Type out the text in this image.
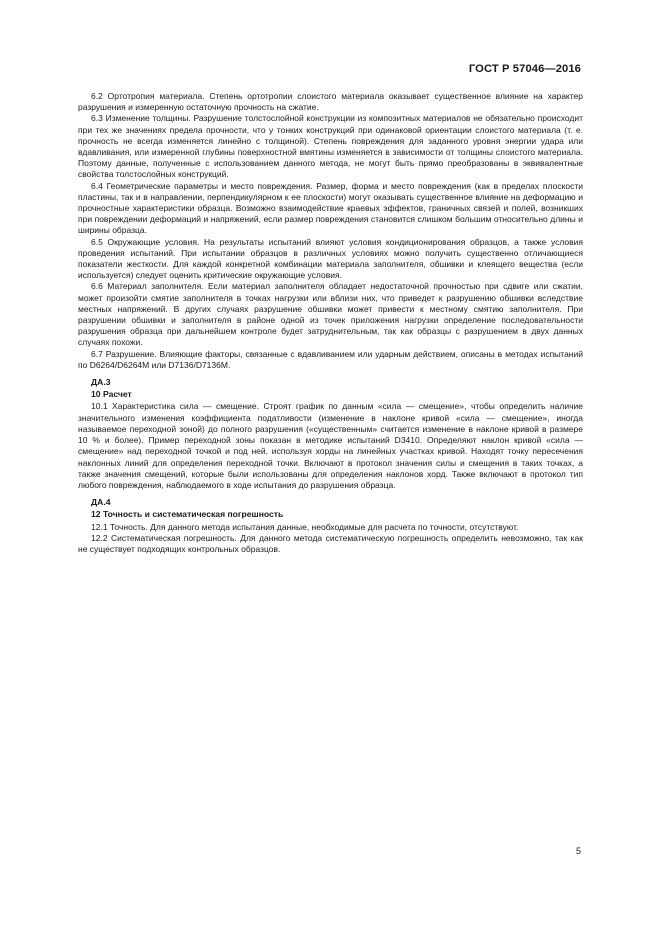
ГОСТ Р 57046—2016

6.2 Ортотропия материала. Степень ортотропии слоистого материала оказывает существенное влияние на характер разрушения и измеренную остаточную прочность на сжатие.

6.3 Изменение толщины. Разрушение толстослойной конструкции из композитных материалов не обязательно происходит при тех же значениях предела прочности, что у тонких конструкций при одинаковой ориентации слоистого материала (т. е. прочность не всегда изменяется линейно с толщиной). Степень повреждения для заданного уровня энергии удара или вдавливания, или измеренной глубины поверхностной вмятины изменяется в зависимости от толщины слоистого материала. Поэтому данные, полученные с использованием данного метода, не могут быть прямо преобразованы в эквивалентные свойства толстослойных конструкций.

6.4 Геометрические параметры и место повреждения. Размер, форма и место повреждения (как в пределах плоскости пластины, так и в направлении, перпендикулярном к ее плоскости) могут оказывать существенное влияние на деформацию и прочностные характеристики образца. Возможно взаимодействие краевых эффектов, граничных связей и полей, возникших при повреждении деформаций и напряжений, если размер повреждения становится слишком большим относительно длины и ширины образца.

6.5 Окружающие условия. На результаты испытаний влияют условия кондиционирования образцов, а также условия проведения испытаний. При испытании образцов в различных условиях можно получить существенно отличающиеся показатели жесткости. Для каждой конкретной комбинации материала заполнителя, обшивки и клеящего вещества (если используется) следует оценить критические окружающие условия.

6.6 Материал заполнителя. Если материал заполнителя обладает недостаточной прочностью при сдвиге или сжатии, может произойти смятие заполнителя в точках нагрузки или вблизи них, что приведет к разрушению обшивки вследствие местных напряжений. В других случаях разрушение обшивки может привести к местному смятию заполнителя. При разрушении обшивки и заполнителя в районе одной из точек приложения нагрузки определение последовательности разрушения образца при дальнейшем контроле будет затруднительным, так как образцы с разрушением в двух данных случаях похожи.

6.7 Разрушение. Влияющие факторы, связанные с вдавливанием или ударным действием, описаны в методах испытаний по D6264/D6264M или D7136/D7136M.

ДА.3

10 Расчет

10.1 Характеристика сила — смещение. Строят график по данным «сила — смещение», чтобы определить наличие значительного изменения коэффициента податливости (изменение в наклоне кривой «сила — смещение», иногда называемое переходной зоной) до полного разрушения («существенным» считается изменение в наклоне кривой в размере 10 % и более). Пример переходной зоны показан в методике испытаний D3410. Определяют наклон кривой «сила — смещение» над переходной точкой и под ней, используя хорды на линейных участках кривой. Находят точку пересечения наклонных линий для определения переходной точки. Включают в протокол значения силы и смещения в таких точках, а также значения смещений, которые были использованы для определения наклонов хорд. Также включают в протокол тип любого повреждения, наблюдаемого в ходе испытания до разрушения образца.

ДА.4

12 Точность и систематическая погрешность

12.1 Точность. Для данного метода испытания данные, необходимые для расчета по точности, отсутствуют.

12.2 Систематическая погрешность. Для данного метода систематическую погрешность определить невозможно, так как не существует подходящих контрольных образцов.

5
